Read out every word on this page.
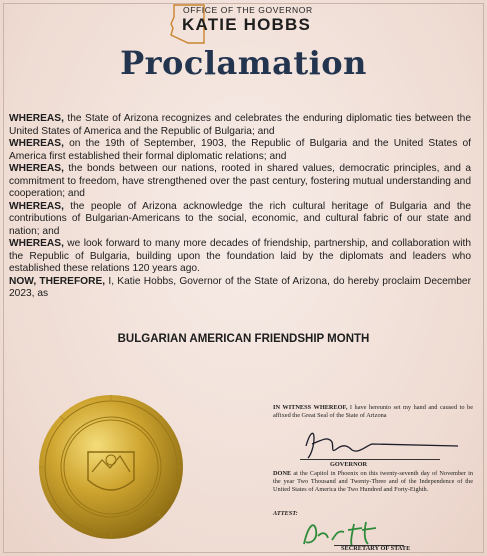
OFFICE OF THE GOVERNOR
KATIE HOBBS
Proclamation

WHEREAS, the State of Arizona recognizes and celebrates the enduring diplomatic ties between the United States of America and the Republic of Bulgaria; and

WHEREAS, on the 19th of September, 1903, the Republic of Bulgaria and the United States of America first established their formal diplomatic relations; and

WHEREAS, the bonds between our nations, rooted in shared values, democratic principles, and a commitment to freedom, have strengthened over the past century, fostering mutual understanding and cooperation; and

WHEREAS, the people of Arizona acknowledge the rich cultural heritage of Bulgaria and the contributions of Bulgarian-Americans to the social, economic, and cultural fabric of our state and nation; and

WHEREAS, we look forward to many more decades of friendship, partnership, and collaboration with the Republic of Bulgaria, building upon the foundation laid by the diplomats and leaders who established these relations 120 years ago.

NOW, THEREFORE, I, Katie Hobbs, Governor of the State of Arizona, do hereby proclaim December 2023, as

BULGARIAN AMERICAN FRIENDSHIP MONTH
IN WITNESS WHEREOF, I have hereunto set my hand and caused to be affixed the Great Seal of the State of Arizona
GOVERNOR
DONE at the Capitol in Phoenix on this twenty-seventh day of November in the year Two Thousand and Twenty-Three and of the Independence of the United States of America the Two Hundred and Forty-Eighth.
ATTEST:
SECRETARY OF STATE
